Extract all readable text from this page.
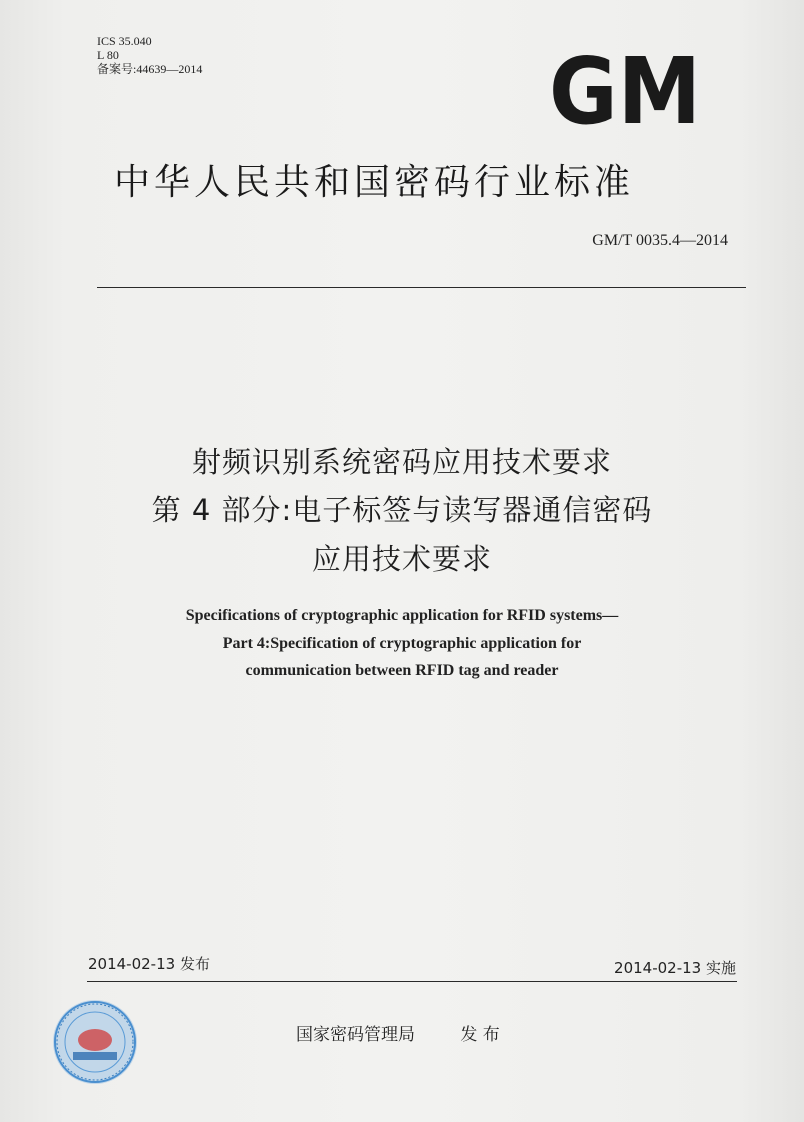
ICS 35.040
L 80
备案号:44639—2014	GM
中华人民共和国密码行业标准
GM/T 0035.4—2014
射频识别系统密码应用技术要求
第 4 部分:电子标签与读写器通信密码
应用技术要求
Specifications of cryptographic application for RFID systems—
Part 4:Specification of cryptographic application for
communication between RFID tag and reader
2014-02-13 发布	2014-02-13 实施
国家密码管理局	发 布
